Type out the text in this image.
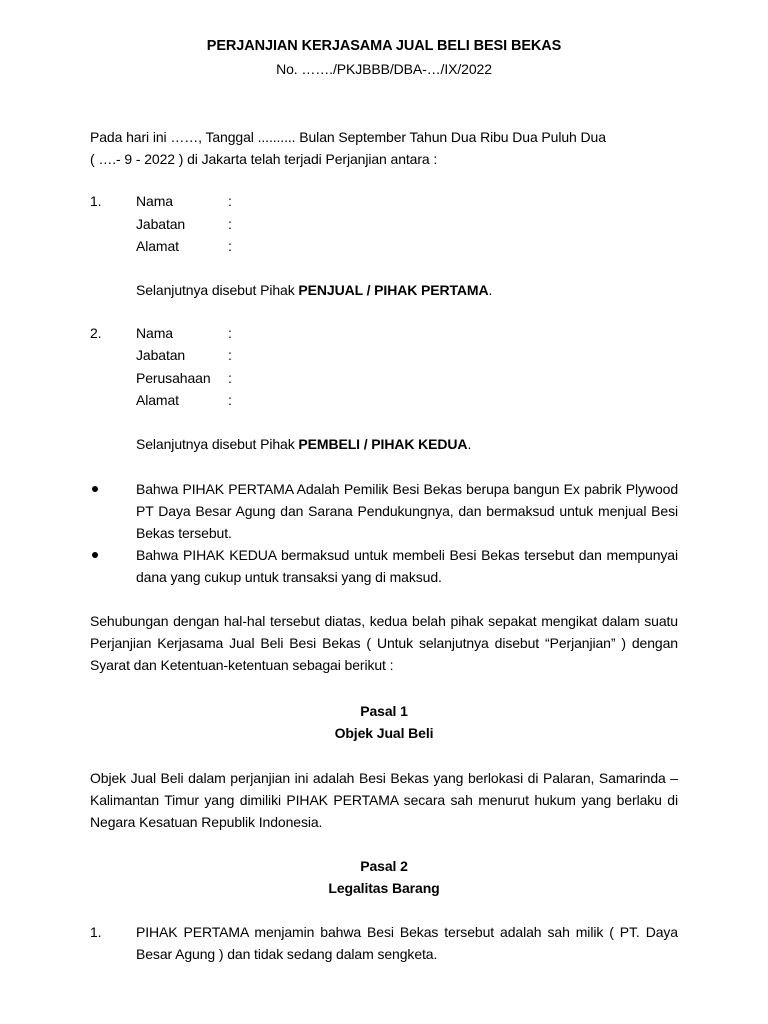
PERJANJIAN KERJASAMA JUAL BELI BESI BEKAS
No. ……./PKJBBB/DBA-…/IX/2022
Pada hari ini ……, Tanggal .......... Bulan September Tahun Dua Ribu Dua Puluh Dua
( ….- 9 - 2022 ) di Jakarta telah terjadi Perjanjian antara :
1.	Nama	:
Jabatan	:
Alamat	:
Selanjutnya disebut Pihak PENJUAL / PIHAK PERTAMA.
2.	Nama	:
Jabatan	:
Perusahaan	:
Alamat	:
Selanjutnya disebut Pihak PEMBELI / PIHAK KEDUA.
Bahwa PIHAK PERTAMA Adalah Pemilik Besi Bekas berupa bangun Ex pabrik Plywood PT Daya Besar Agung dan Sarana Pendukungnya, dan bermaksud untuk menjual Besi Bekas tersebut.
Bahwa PIHAK KEDUA bermaksud untuk membeli Besi Bekas tersebut dan mempunyai dana yang cukup untuk transaksi yang di maksud.
Sehubungan dengan hal-hal tersebut diatas, kedua belah pihak sepakat mengikat dalam suatu Perjanjian Kerjasama Jual Beli Besi Bekas ( Untuk selanjutnya disebut “Perjanjian” ) dengan Syarat dan Ketentuan-ketentuan sebagai berikut :
Pasal 1
Objek Jual Beli
Objek Jual Beli dalam perjanjian ini adalah Besi Bekas yang berlokasi di Palaran, Samarinda – Kalimantan Timur yang dimiliki PIHAK PERTAMA secara sah menurut hukum yang berlaku di Negara Kesatuan Republik Indonesia.
Pasal 2
Legalitas Barang
1.	PIHAK PERTAMA menjamin bahwa Besi Bekas tersebut adalah sah milik ( PT. Daya Besar Agung ) dan tidak sedang dalam sengketa.
